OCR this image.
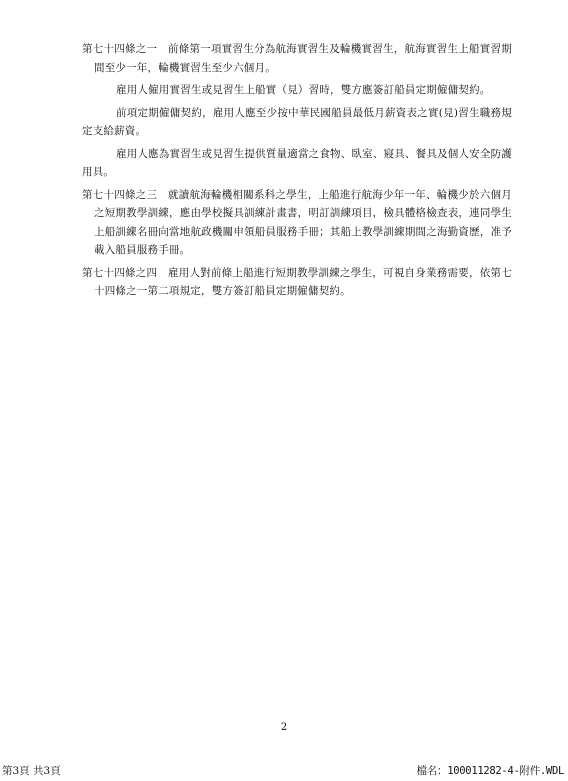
第七十四條之一　前條第一項實習生分為航海實習生及輪機實習生，航海實習生上船實習期間至少一年，輪機實習生至少六個月。

雇用人僱用實習生或見習生上船實（見）習時，雙方應簽訂船員定期僱傭契約。

前項定期僱傭契約，雇用人應至少按中華民國船員最低月薪資表之實(見)習生職務規定支給薪資。

雇用人應為實習生或見習生提供質量適當之食物、臥室、寢具、餐具及個人安全防護用具。

第七十四條之三　就讀航海輪機相關系科之學生，上船進行航海少年一年、輪機少於六個月之短期教學訓練，應由學校擬具訓練計畫書，明訂訓練項目，檢具體格檢查表，連同學生上船訓練名冊向當地航政機關申領船員服務手冊；其船上教學訓練期間之海勤資歷，准予載入船員服務手冊。

第七十四條之四　雇用人對前條上船進行短期教學訓練之學生，可視自身業務需要，依第七十四條之一第二項規定，雙方簽訂船員定期僱傭契約。

2
第3頁 共3頁	檔名：100011282-4-附件.WDL
